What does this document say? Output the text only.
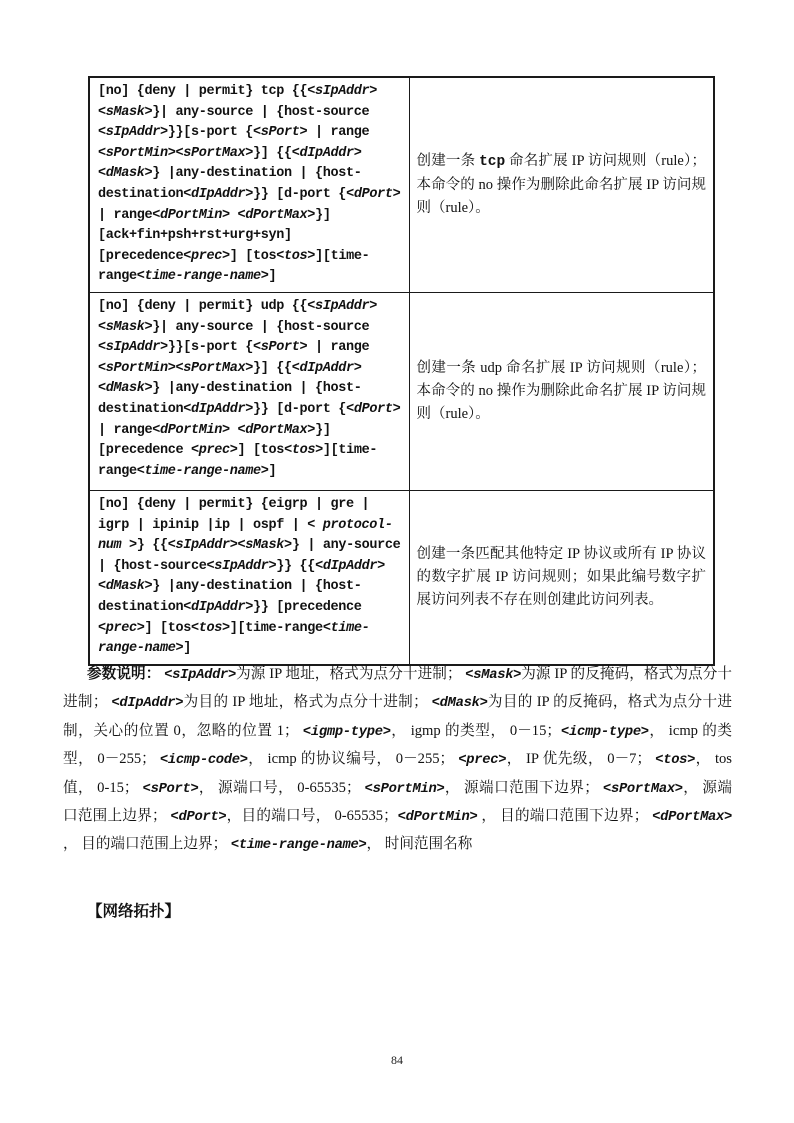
[no] {deny | permit} tcp {{<sIpAddr> <sMask>}| any-source | {host-source <sIpAddr>}}[s-port {<sPort> | range <sPortMin><sPortMax>}] {{<dIpAddr> <dMask>} |any-destination | {host-destination<dIpAddr>}} [d-port {<dPort> | range<dPortMin> <dPortMax>}][ack+fin+psh+rst+urg+syn] [precedence<prec>] [tos<tos>][time-range<time-range-name>]	创建一条 tcp 命名扩展 IP 访问规则（rule）；本命令的 no 操作为删除此命名扩展 IP 访问规则（rule）。
[no] {deny | permit} udp {{<sIpAddr> <sMask>}| any-source | {host-source <sIpAddr>}}[s-port {<sPort> | range <sPortMin><sPortMax>}] {{<dIpAddr> <dMask>} |any-destination | {host-destination<dIpAddr>}} [d-port {<dPort> | range<dPortMin> <dPortMax>}] [precedence <prec>] [tos<tos>][time-range<time-range-name>]	创建一条 udp 命名扩展 IP 访问规则（rule）；本命令的 no 操作为删除此命名扩展 IP 访问规则（rule）。
[no] {deny | permit} {eigrp | gre | igrp | ipinip |ip | ospf | < protocol-num >} {{<sIpAddr><sMask>} | any-source | {host-source<sIpAddr>}} {{<dIpAddr> <dMask>} |any-destination | {host-destination<dIpAddr>}} [precedence <prec>] [tos<tos>][time-range<time-range-name>]	创建一条匹配其他特定 IP 协议或所有 IP 协议的数字扩展 IP 访问规则；如果此编号数字扩展访问列表不存在则创建此访问列表。

参数说明： <sIpAddr>为源 IP 地址，格式为点分十进制； <sMask>为源 IP 的反掩码，格式为点分十进制； <dIpAddr>为目的 IP 地址，格式为点分十进制； <dMask>为目的 IP 的反掩码，格式为点分十进制，关心的位置 0，忽略的位置 1； <igmp-type>， igmp 的类型， 0－15；<icmp-type>， icmp 的类型， 0－255； <icmp-code>， icmp 的协议编号， 0－255； <prec>， IP 优先级， 0－7； <tos>， tos 值， 0-15； <sPort>， 源端口号， 0-65535； <sPortMin>， 源端口范围下边界； <sPortMax>， 源端口范围上边界； <dPort>，目的端口号， 0-65535；<dPortMin> ， 目的端口范围下边界； <dPortMax> ， 目的端口范围上边界； <time-range-name>， 时间范围名称

【网络拓扑】
84
